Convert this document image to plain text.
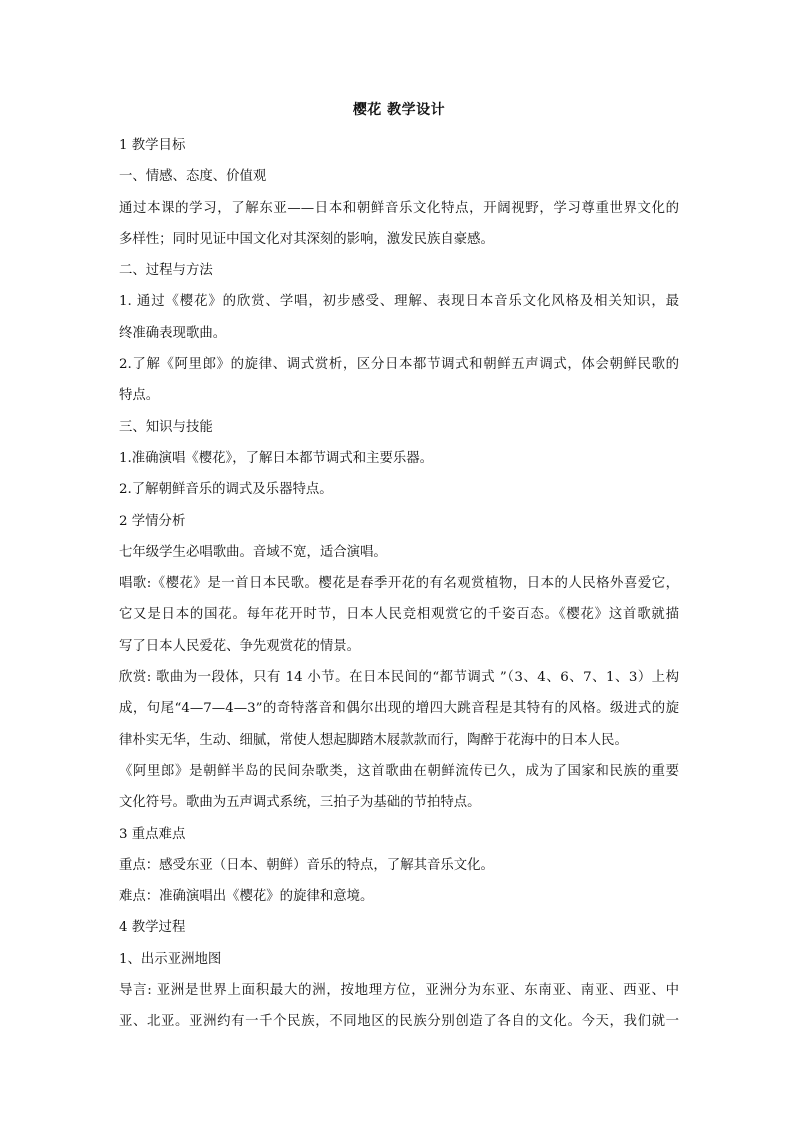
樱花 教学设计

1 教学目标

一、情感、态度、价值观

通过本课的学习，了解东亚——日本和朝鲜音乐文化特点，开阔视野，学习尊重世界文化的

多样性；同时见证中国文化对其深刻的影响，激发民族自豪感。

二、过程与方法

1. 通过《樱花》的欣赏、学唱，初步感受、理解、表现日本音乐文化风格及相关知识，最

终准确表现歌曲。

2.了解《阿里郎》的旋律、调式赏析，区分日本都节调式和朝鲜五声调式，体会朝鲜民歌的

特点。

三、知识与技能

1.准确演唱《樱花》，了解日本都节调式和主要乐器。

2.了解朝鲜音乐的调式及乐器特点。

2 学情分析

七年级学生必唱歌曲。音域不宽，适合演唱。

唱歌:《樱花》是一首日本民歌。樱花是春季开花的有名观赏植物，日本的人民格外喜爱它，

它又是日本的国花。每年花开时节，日本人民竞相观赏它的千姿百态。《樱花》这首歌就描

写了日本人民爱花、争先观赏花的情景。

欣赏: 歌曲为一段体，只有 14 小节。在日本民间的“都节调式 ”（3、4、6、7、1、3）上构

成，句尾“4—7—4—3”的奇特落音和偶尔出现的增四大跳音程是其特有的风格。级进式的旋

律朴实无华，生动、细腻，常使人想起脚踏木屐款款而行，陶醉于花海中的日本人民。

《阿里郎》是朝鲜半岛的民间杂歌类，这首歌曲在朝鲜流传已久，成为了国家和民族的重要

文化符号。歌曲为五声调式系统，三拍子为基础的节拍特点。

3 重点难点

重点：感受东亚（日本、朝鲜）音乐的特点，了解其音乐文化。

难点：准确演唱出《樱花》的旋律和意境。

4 教学过程

1、出示亚洲地图

导言: 亚洲是世界上面积最大的洲，按地理方位，亚洲分为东亚、东南亚、南亚、西亚、中

亚、北亚。亚洲约有一千个民族，不同地区的民族分别创造了各自的文化。今天，我们就一
